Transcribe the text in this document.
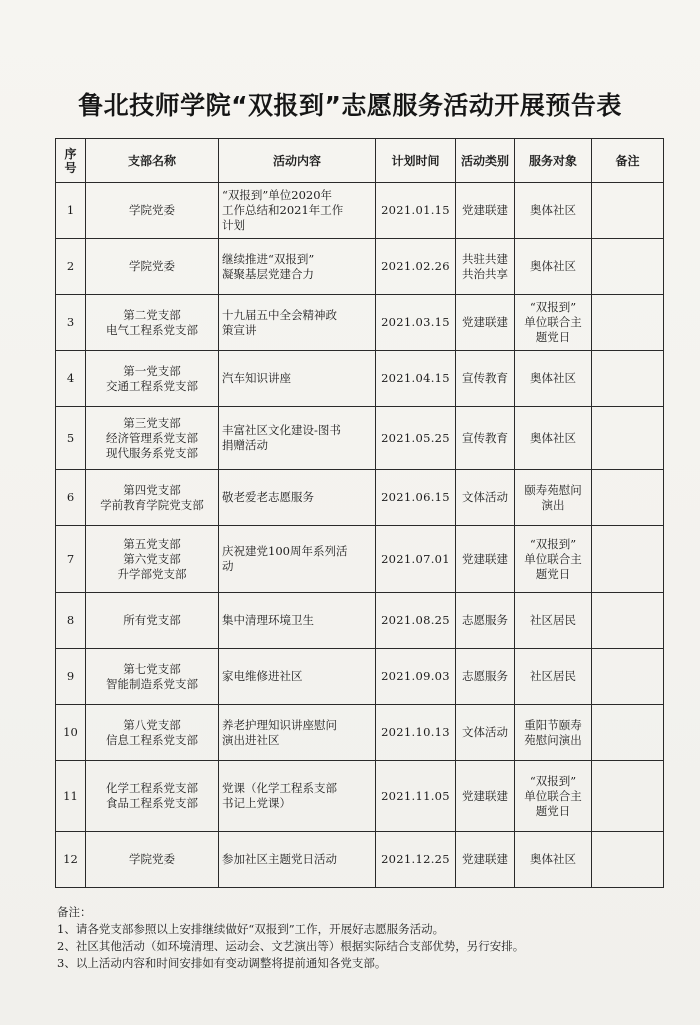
鲁北技师学院“双报到”志愿服务活动开展预告表
序
号	支部名称	活动内容	计划时间	活动类别	服务对象	备注
1	学院党委	“双报到”单位2020年
工作总结和2021年工作
计划	2021.01.15	党建联建	奥体社区	

2	学院党委	继续推进“双报到”
凝聚基层党建合力	2021.02.26	共驻共建
共治共享	奥体社区	

3	第二党支部
电气工程系党支部	十九届五中全会精神政
策宣讲	2021.03.15	党建联建	“双报到”
单位联合主
题党日	

4	第一党支部
交通工程系党支部	汽车知识讲座	2021.04.15	宣传教育	奥体社区	

5	第三党支部
经济管理系党支部
现代服务系党支部	丰富社区文化建设-图书
捐赠活动	2021.05.25	宣传教育	奥体社区	

6	第四党支部
学前教育学院党支部	敬老爱老志愿服务	2021.06.15	文体活动	颐寿苑慰问
演出	

7	第五党支部
第六党支部
升学部党支部	庆祝建党100周年系列活
动	2021.07.01	党建联建	“双报到”
单位联合主
题党日	

8	所有党支部	集中清理环境卫生	2021.08.25	志愿服务	社区居民	

9	第七党支部
智能制造系党支部	家电维修进社区	2021.09.03	志愿服务	社区居民	

10	第八党支部
信息工程系党支部	养老护理知识讲座慰问
演出进社区	2021.10.13	文体活动	重阳节颐寿
苑慰问演出	

11	化学工程系党支部
食品工程系党支部	党课（化学工程系支部
书记上党课）	2021.11.05	党建联建	“双报到”
单位联合主
题党日	

12	学院党委	参加社区主题党日活动	2021.12.25	党建联建	奥体社区	

备注：
1、请各党支部参照以上安排继续做好“双报到”工作，开展好志愿服务活动。
2、社区其他活动（如环境清理、运动会、文艺演出等）根据实际结合支部优势，另行安排。
3、以上活动内容和时间安排如有变动调整将提前通知各党支部。
